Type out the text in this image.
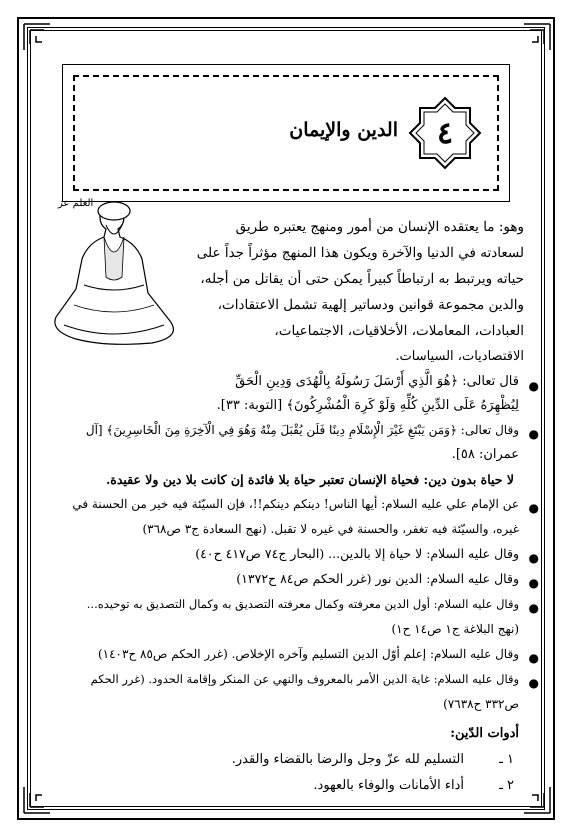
٤
الدين والإيمان
العلم عز
وهو: ما يعتقده الإنسان من أمور ومنهج يعتبره طريق
لسعادته في الدنيا والآخرة ويكون هذا المنهج مؤثراً جداً على
حياته ويرتبط به ارتباطاً كبيراً يمكن حتى أن يقاتل من أجله،
والدين مجموعة قوانين ودساتير إلهية تشمل الاعتقادات،
العبادات، المعاملات، الأخلاقيات، الاجتماعيات،
الاقتصاديات، السياسات.
●
قال تعالى: ﴿هُوَ الَّذِي أَرْسَلَ رَسُولَهُ بِالْهُدَى وَدِينِ الْحَقِّ
لِيُظْهِرَهُ عَلَى الدِّينِ كُلِّهِ وَلَوْ كَرِهَ الْمُشْرِكُونَ﴾ [التوبة: ٣٣].
●
وقال تعالى: ﴿وَمَن يَبْتَغِ غَيْرَ الْإِسْلَامِ دِينًا فَلَن يُقْبَلَ مِنْهُ وَهُوَ فِي الْآخِرَةِ مِنَ الْخَاسِرِينَ﴾ [آل
عمران: ٥٨].
لا حياة بدون دين: فحياة الإنسان تعتبر حياة بلا فائدة إن كانت بلا دين ولا عقيدة.
●
عن الإمام علي عليه السلام: أيها الناس! دينكم دينكم!!، فإن السيّئة فيه خير من الحسنة في
غيره، والسيّئة فيه تغفر، والحسنة في غيره لا تقبل. (نهج السعادة ج٣ ص٣٦٨)
●
وقال عليه السلام: لا حياة إلا بالدين... (البحار ج٧٤ ص٤١٧ ح٤٠)
●
وقال عليه السلام: الدين نور (غرر الحكم ص٨٤ ح١٣٧٢)
●
وقال عليه السلام: أول الدين معرفته وكمال معرفته التصديق به وكمال التصديق به توحيده...
(نهج البلاغة ج١ ص١٤ ح١)
●
وقال عليه السلام: إعلم أوّل الدين التسليم وآخره الإخلاص. (غرر الحكم ص٨٥ ح١٤٠٣)
●
وقال عليه السلام: غاية الدين الأمر بالمعروف والنهي عن المنكر وإقامة الحدود. (غرر الحكم
ص٣٣٢ ح٧٦٣٨)
أدوات الدّين:
١ ـ
التسليم لله عزّ وجل والرضا بالقضاء والقدر.
٢ ـ
أداء الأمانات والوفاء بالعهود.
